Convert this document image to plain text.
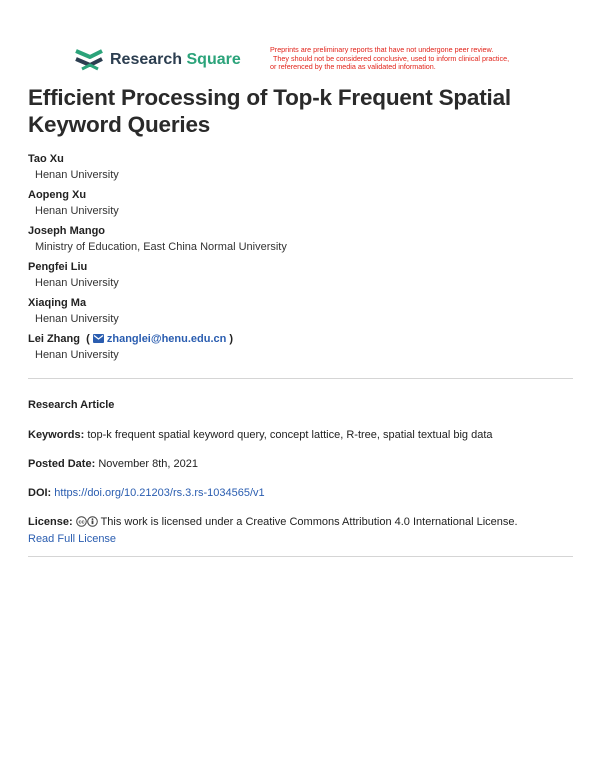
Research Square
Preprints are preliminary reports that have not undergone peer review.
They should not be considered conclusive, used to inform clinical practice,
or referenced by the media as validated information.
Efficient Processing of Top-k Frequent Spatial Keyword Queries
Tao Xu
Henan University
Aopeng Xu
Henan University
Joseph Mango
Ministry of Education, East China Normal University
Pengfei Liu
Henan University
Xiaqing Ma
Henan University
Lei Zhang  (  zhanglei@henu.edu.cn )
Henan University
Research Article
Keywords: top-k frequent spatial keyword query, concept lattice, R-tree, spatial textual big data
Posted Date: November 8th, 2021
DOI: https://doi.org/10.21203/rs.3.rs-1034565/v1
License: cc This work is licensed under a Creative Commons Attribution 4.0 International License.
Read Full License
